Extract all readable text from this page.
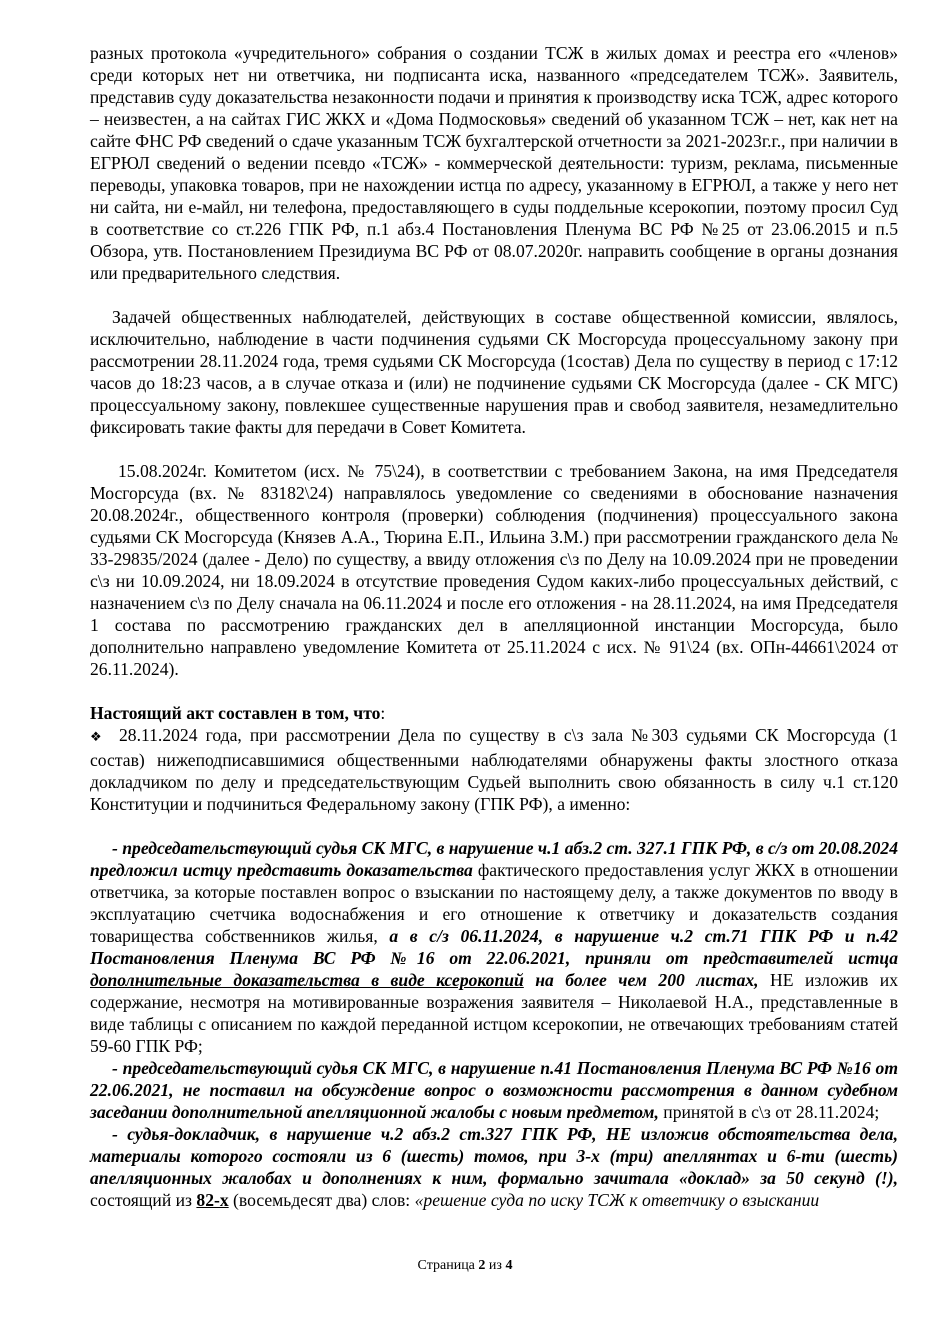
разных протокола «учредительного» собрания о создании ТСЖ в жилых домах и реестра его «членов» среди которых нет ни ответчика, ни подписанта иска, названного «председателем ТСЖ». Заявитель, представив суду доказательства незаконности подачи и принятия к производству иска ТСЖ, адрес которого – неизвестен, а на сайтах ГИС ЖКХ и «Дома Подмосковья» сведений об указанном ТСЖ – нет, как нет на сайте ФНС РФ сведений о сдаче указанным ТСЖ бухгалтерской отчетности за 2021-2023г.г., при наличии в ЕГРЮЛ сведений о ведении псевдо «ТСЖ» - коммерческой деятельности: туризм, реклама, письменные переводы, упаковка товаров, при не нахождении истца по адресу, указанному в ЕГРЮЛ, а также у него нет ни сайта, ни е-майл, ни телефона, предоставляющего в суды поддельные ксерокопии, поэтому просил Суд в соответствие со ст.226 ГПК РФ, п.1 абз.4 Постановления Пленума ВС РФ №25 от 23.06.2015 и п.5 Обзора, утв. Постановлением Президиума ВС РФ от 08.07.2020г. направить сообщение в органы дознания или предварительного следствия.

Задачей общественных наблюдателей, действующих в составе общественной комиссии, являлось, исключительно, наблюдение в части подчинения судьями СК Мосгорсуда процессуальному закону при рассмотрении 28.11.2024 года, тремя судьями СК Мосгорсуда (1состав) Дела по существу в период с 17:12 часов до 18:23 часов, а в случае отказа и (или) не подчинение судьями СК Мосгорсуда (далее - СК МГС) процессуальному закону, повлекшее существенные нарушения прав и свобод заявителя, незамедлительно фиксировать такие факты для передачи в Совет Комитета.

15.08.2024г. Комитетом (исх. № 75\24), в соответствии с требованием Закона, на имя Председателя Мосгорсуда (вх. № 83182\24) направлялось уведомление со сведениями в обоснование назначения 20.08.2024г., общественного контроля (проверки) соблюдения (подчинения) процессуального закона судьями СК Мосгорсуда (Князев А.А., Тюрина Е.П., Ильина З.М.) при рассмотрении гражданского дела № 33-29835/2024 (далее - Дело) по существу, а ввиду отложения с\з по Делу на 10.09.2024 при не проведении с\з ни 10.09.2024, ни 18.09.2024 в отсутствие проведения Судом каких-либо процессуальных действий, с назначением с\з по Делу сначала на 06.11.2024 и после его отложения - на 28.11.2024, на имя Председателя 1 состава по рассмотрению гражданских дел в апелляционной инстанции Мосгорсуда, было дополнительно направлено уведомление Комитета от 25.11.2024 с исх. № 91\24 (вх. ОПн-44661\2024 от 26.11.2024).

Настоящий акт составлен в том, что:

❖ 28.11.2024 года, при рассмотрении Дела по существу в с\з зала №303 судьями СК Мосгорсуда (1 состав) нижеподписавшимися общественными наблюдателями обнаружены факты злостного отказа докладчиком по делу и председательствующим Судьей выполнить свою обязанность в силу ч.1 ст.120 Конституции и подчиниться Федеральному закону (ГПК РФ), а именно:

- председательствующий судья СК МГС, в нарушение ч.1 абз.2 ст. 327.1 ГПК РФ, в с/з от 20.08.2024 предложил истцу представить доказательства фактического предоставления услуг ЖКХ в отношении ответчика, за которые поставлен вопрос о взыскании по настоящему делу, а также документов по вводу в эксплуатацию счетчика водоснабжения и его отношение к ответчику и доказательств создания товарищества собственников жилья, а в с/з 06.11.2024, в нарушение ч.2 ст.71 ГПК РФ и п.42 Постановления Пленума ВС РФ №16 от 22.06.2021, приняли от представителей истца дополнительные доказательства в виде ксерокопий на более чем 200 листах, НЕ изложив их содержание, несмотря на мотивированные возражения заявителя – Николаевой Н.А., представленные в виде таблицы с описанием по каждой переданной истцом ксерокопии, не отвечающих требованиям статей 59-60 ГПК РФ;

- председательствующий судья СК МГС, в нарушение п.41 Постановления Пленума ВС РФ №16 от 22.06.2021, не поставил на обсуждение вопрос о возможности рассмотрения в данном судебном заседании дополнительной апелляционной жалобы с новым предметом, принятой в с\з от 28.11.2024;

- судья-докладчик, в нарушение ч.2 абз.2 ст.327 ГПК РФ, НЕ изложив обстоятельства дела, материалы которого состояли из 6 (шесть) томов, при 3-х (три) апеллянтах и 6-ти (шесть) апелляционных жалобах и дополнениях к ним, формально зачитала «доклад» за 50 секунд (!), состоящий из 82-х (восемьдесят два) слов: «решение суда по иску ТСЖ к ответчику о взыскании

Страница 2 из 4
